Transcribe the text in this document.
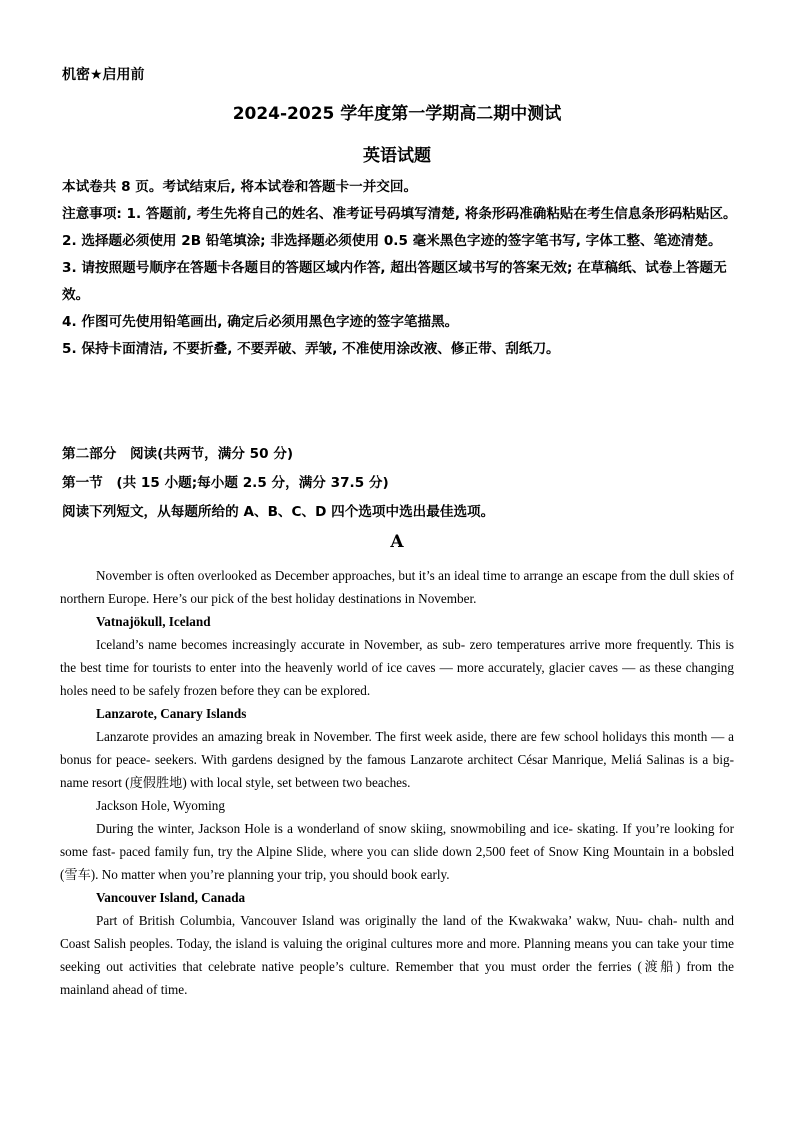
机密★启用前
2024-2025 学年度第一学期高二期中测试
英语试题

本试卷共 8 页。考试结束后, 将本试卷和答题卡一并交回。

注意事项: 1. 答题前, 考生先将自己的姓名、准考证号码填写清楚, 将条形码准确粘贴在考生信息条形码粘贴区。

2. 选择题必须使用 2B 铅笔填涂; 非选择题必须使用 0.5 毫米黑色字迹的签字笔书写, 字体工整、笔迹清楚。

3. 请按照题号顺序在答题卡各题目的答题区域内作答, 超出答题区域书写的答案无效; 在草稿纸、试卷上答题无效。

4. 作图可先使用铅笔画出, 确定后必须用黑色字迹的签字笔描黑。

5. 保持卡面清洁, 不要折叠, 不要弄破、弄皱, 不准使用涂改液、修正带、刮纸刀。

第二部分　阅读(共两节，满分 50 分)

第一节　(共 15 小题;每小题 2.5 分，满分 37.5 分)

阅读下列短文，从每题所给的 A、B、C、D 四个选项中选出最佳选项。

A

November is often overlooked as December approaches, but it’s an ideal time to arrange an escape from the dull skies of northern Europe. Here’s our pick of the best holiday destinations in November.

Vatnajökull, Iceland

Iceland’s name becomes increasingly accurate in November, as sub- zero temperatures arrive more frequently. This is the best time for tourists to enter into the heavenly world of ice caves — more accurately, glacier caves — as these changing holes need to be safely frozen before they can be explored.

Lanzarote, Canary Islands

Lanzarote provides an amazing break in November. The first week aside, there are few school holidays this month — a bonus for peace- seekers. With gardens designed by the famous Lanzarote architect César Manrique, Meliá Salinas is a big- name resort (度假胜地) with local style, set between two beaches.

Jackson Hole, Wyoming

During the winter, Jackson Hole is a wonderland of snow skiing, snowmobiling and ice- skating. If you’re looking for some fast- paced family fun, try the Alpine Slide, where you can slide down 2,500 feet of Snow King Mountain in a bobsled (雪车). No matter when you’re planning your trip, you should book early.

Vancouver Island, Canada

Part of British Columbia, Vancouver Island was originally the land of the Kwakwaka’ wakw, Nuu- chah- nulth and Coast Salish peoples. Today, the island is valuing the original cultures more and more. Planning means you can take your time seeking out activities that celebrate native people’s culture. Remember that you must order the ferries (渡船) from the mainland ahead of time.
